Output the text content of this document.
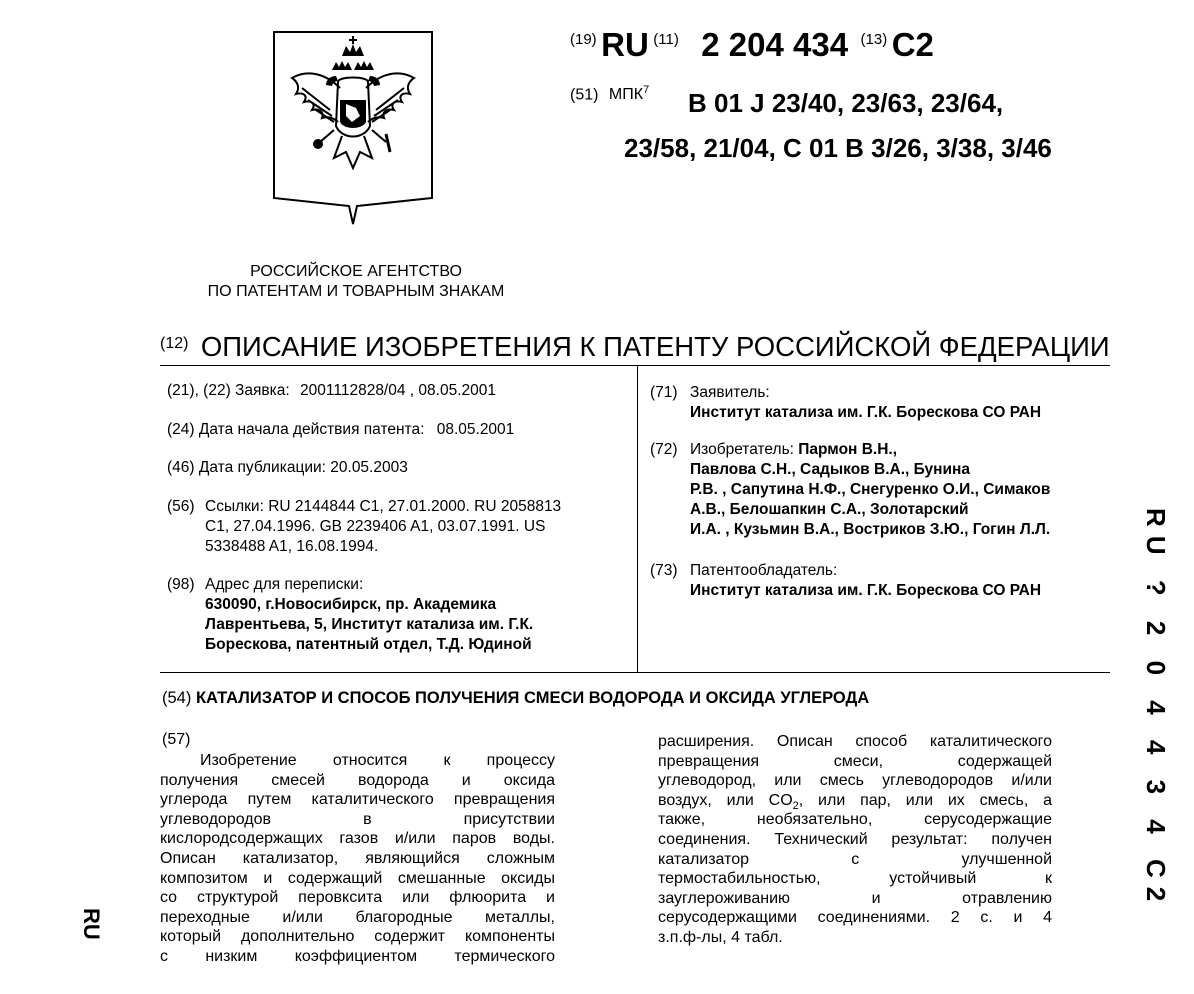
(19) RU (11) 2 204 434 (13) C2
(51) МПК$^7$ B 01 J 23/40, 23/63, 23/64,
23/58, 21/04, C 01 B 3/26, 3/38, 3/46
РОССИЙСКОЕ АГЕНТСТВО
ПО ПАТЕНТАМ И ТОВАРНЫМ ЗНАКАМ
(12) ОПИСАНИЕ ИЗОБРЕТЕНИЯ К ПАТЕНТУ РОССИЙСКОЙ ФЕДЕРАЦИИ
(21), (22) Заявка: 2001112828/04 , 08.05.2001
(24) Дата начала действия патента: 08.05.2001
(46) Дата публикации: 20.05.2003
(56) Ссылки: RU 2144844 C1, 27.01.2000. RU 2058813
C1, 27.04.1996. GB 2239406 A1, 03.07.1991. US
5338488 A1, 16.08.1994.
(98) Адрес для переписки:
630090, г.Новосибирск, пр. Академика
Лаврентьева, 5, Институт катализа им. Г.К.
Борескова, патентный отдел, Т.Д. Юдиной
(71) Заявитель:
Институт катализа им. Г.К. Борескова СО РАН
(72) Изобретатель: Пармон В.Н.,
Павлова С.Н., Садыков В.А., Бунина
Р.В. , Сапутина Н.Ф., Снегуренко О.И., Симаков
А.В., Белошапкин С.А., Золотарский
И.А. , Кузьмин В.А., Востриков З.Ю., Гогин Л.Л.
(73) Патентообладатель:
Институт катализа им. Г.К. Борескова СО РАН
(54) КАТАЛИЗАТОР И СПОСОБ ПОЛУЧЕНИЯ СМЕСИ ВОДОРОДА И ОКСИДА УГЛЕРОДА
(57)
Изобретение относится к процессу
получения смесей водорода и оксида
углерода путем каталитического превращения
углеводородов в присутствии
кислородсодержащих газов и/или паров воды.
Описан катализатор, являющийся сложным
композитом и содержащий смешанные оксиды
со структурой перовксита или флюорита и
переходные и/или благородные металлы,
который дополнительно содержит компоненты
с низким коэффициентом термического
расширения. Описан способ каталитического
превращения смеси, содержащей
углеводород, или смесь углеводородов и/или
воздух, или $CO_2$, или пар, или их смесь, а
также, необязательно, серусодержащие
соединения. Технический результат: получен
катализатор с улучшенной
термостабильностью, устойчивый к
зауглероживанию и отравлению
серусодержащими соединениями. 2 с. и 4
з.п.ф-лы, 4 табл.
RU
RU ? 2 0 4 4 3 4 C2
